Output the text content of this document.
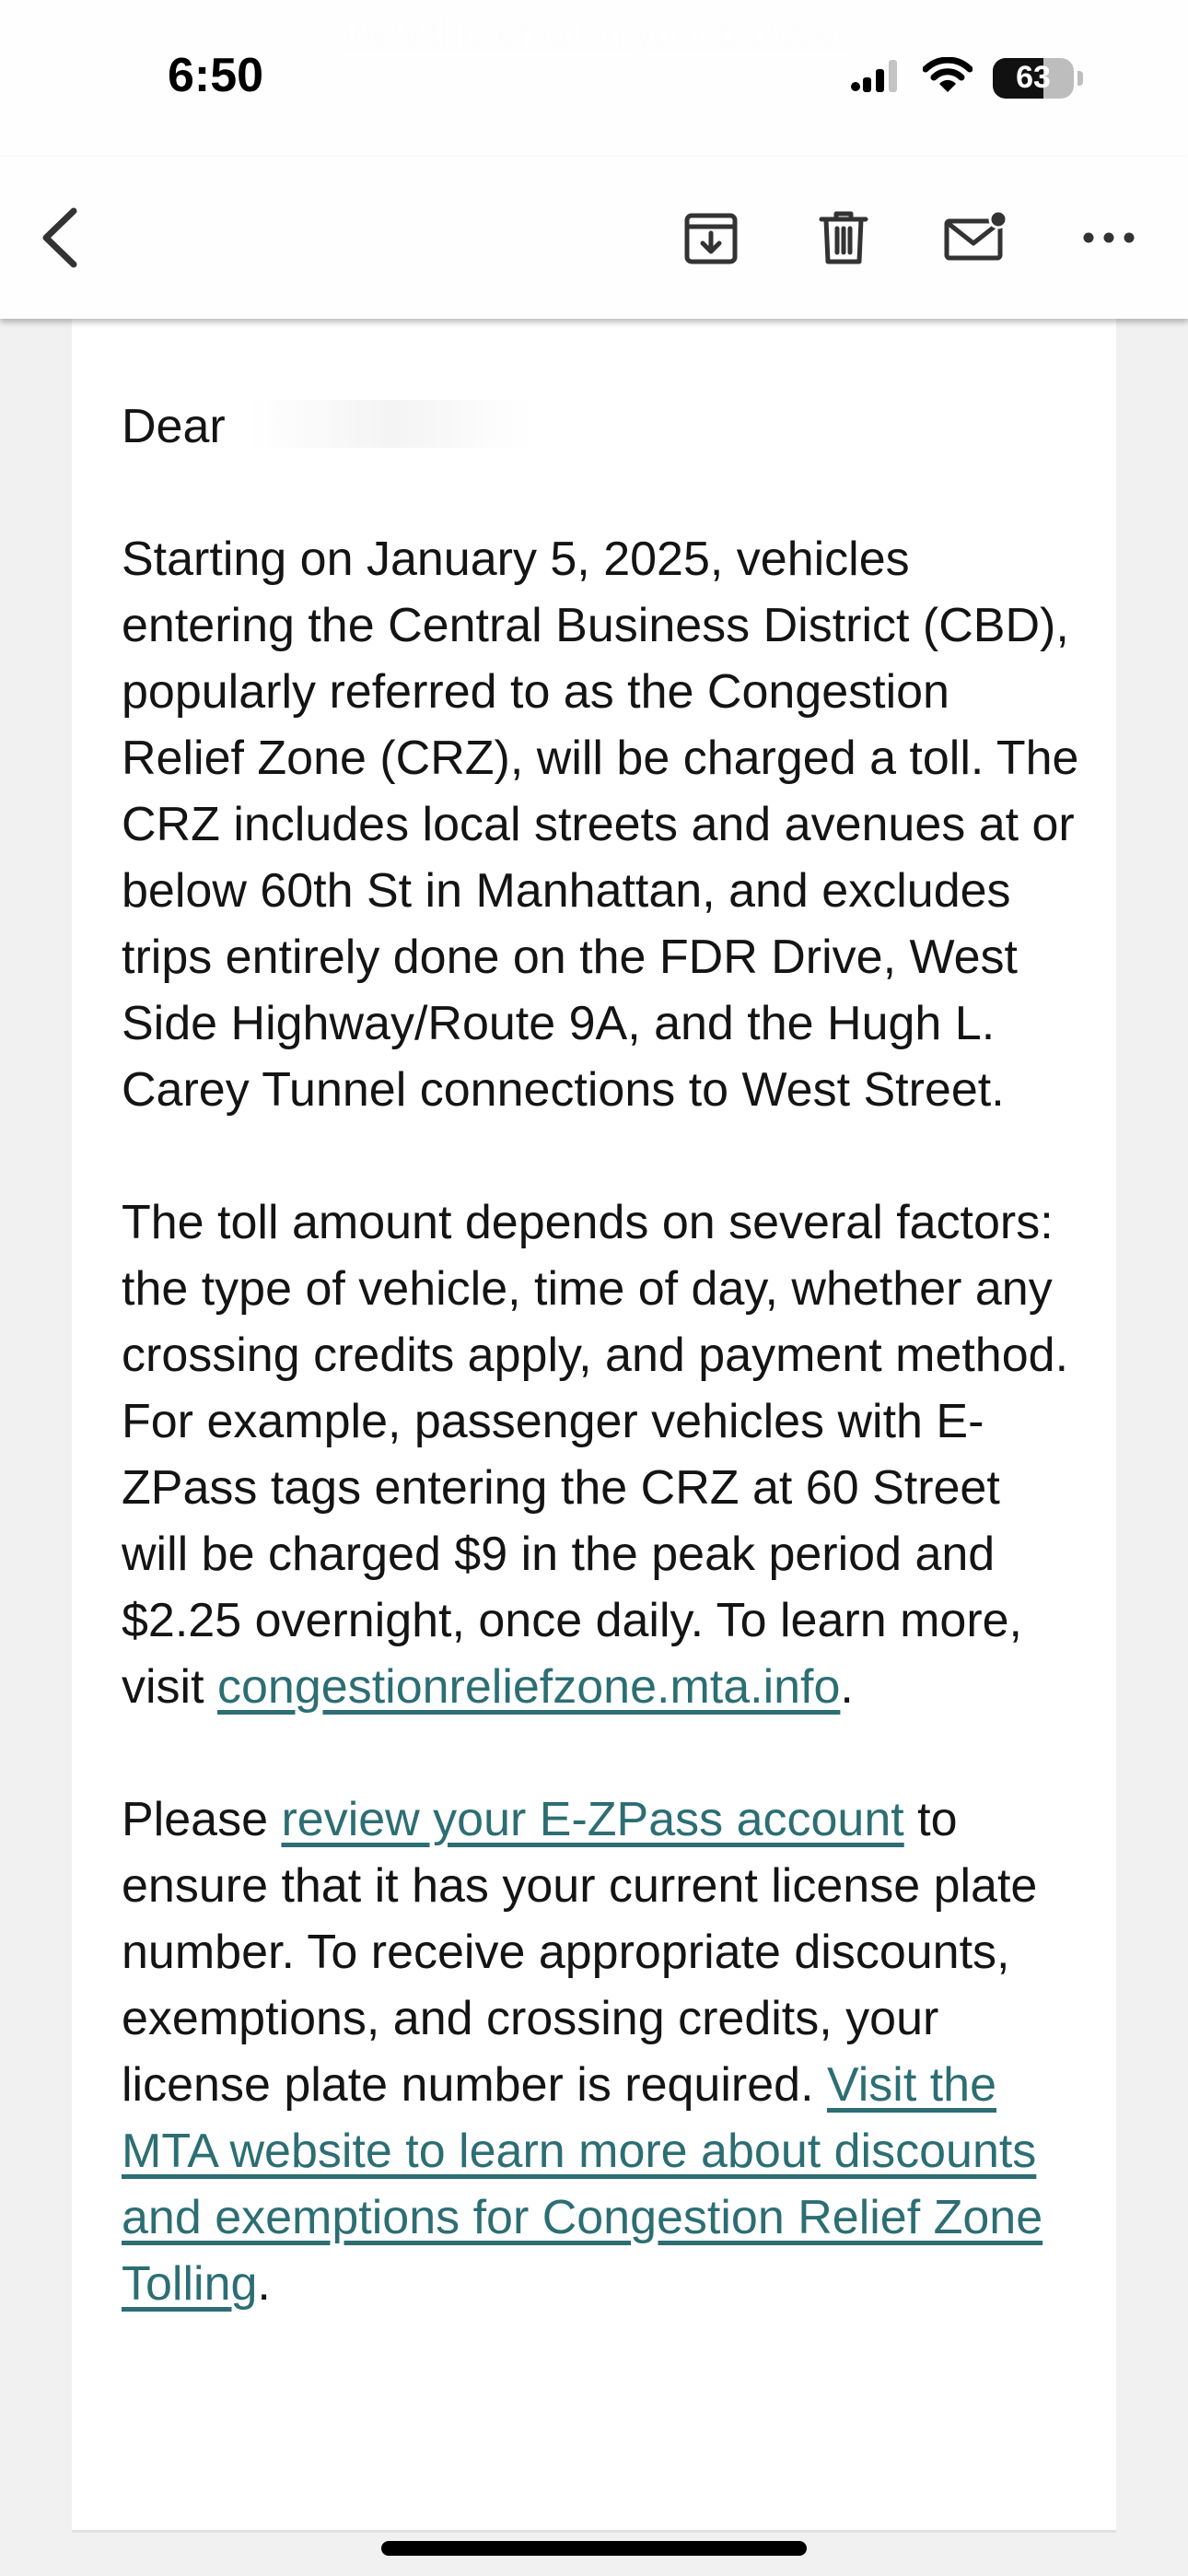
6:50	63

Dear

Starting on January 5, 2025, vehicles entering the Central Business District (CBD), popularly referred to as the Congestion Relief Zone (CRZ), will be charged a toll. The CRZ includes local streets and avenues at or below 60th St in Manhattan, and excludes trips entirely done on the FDR Drive, West Side Highway/Route 9A, and the Hugh L. Carey Tunnel connections to West Street.

The toll amount depends on several factors: the type of vehicle, time of day, whether any crossing credits apply, and payment method. For example, passenger vehicles with E-ZPass tags entering the CRZ at 60 Street will be charged $9 in the peak period and $2.25 overnight, once daily. To learn more, visit congestionreliefzone.mta.info.

Please review your E-ZPass account to ensure that it has your current license plate number. To receive appropriate discounts, exemptions, and crossing credits, your license plate number is required. Visit the MTA website to learn more about discounts and exemptions for Congestion Relief Zone Tolling.
